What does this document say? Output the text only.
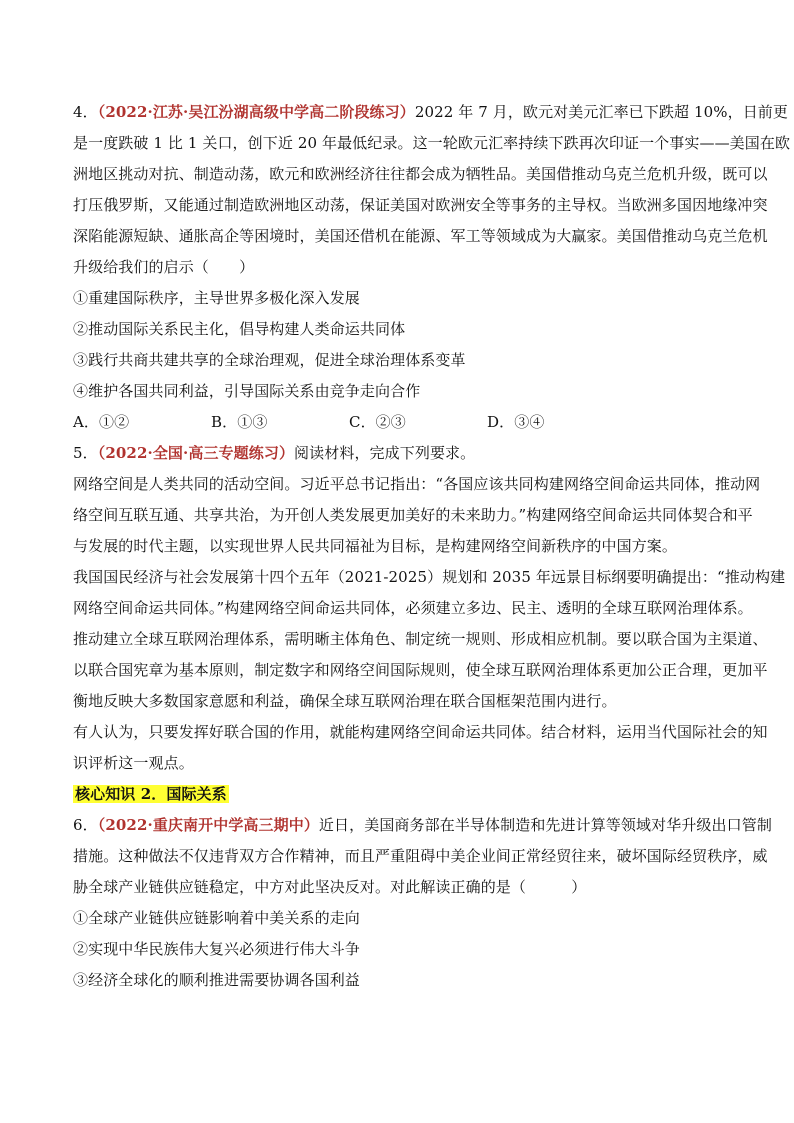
4．（2022·江苏·吴江汾湖高级中学高二阶段练习）2022 年 7 月，欧元对美元汇率已下跌超 10%，日前更
是一度跌破 1 比 1 关口，创下近 20 年最低纪录。这一轮欧元汇率持续下跌再次印证一个事实——美国在欧
洲地区挑动对抗、制造动荡，欧元和欧洲经济往往都会成为牺牲品。美国借推动乌克兰危机升级，既可以
打压俄罗斯，又能通过制造欧洲地区动荡，保证美国对欧洲安全等事务的主导权。当欧洲多国因地缘冲突
深陷能源短缺、通胀高企等困境时，美国还借机在能源、军工等领域成为大赢家。美国借推动乌克兰危机
升级给我们的启示（　　）
①重建国际秩序，主导世界多极化深入发展
②推动国际关系民主化，倡导构建人类命运共同体
③践行共商共建共享的全球治理观，促进全球治理体系变革
④维护各国共同利益，引导国际关系由竞争走向合作
A．①②	B．①③	C．②③	D．③④
5．（2022·全国·高三专题练习）阅读材料，完成下列要求。
网络空间是人类共同的活动空间。习近平总书记指出：“各国应该共同构建网络空间命运共同体，推动网
络空间互联互通、共享共治，为开创人类发展更加美好的未来助力。”构建网络空间命运共同体契合和平
与发展的时代主题，以实现世界人民共同福祉为目标，是构建网络空间新秩序的中国方案。
我国国民经济与社会发展第十四个五年（2021-2025）规划和 2035 年远景目标纲要明确提出：“推动构建
网络空间命运共同体。”构建网络空间命运共同体，必须建立多边、民主、透明的全球互联网治理体系。
推动建立全球互联网治理体系，需明晰主体角色、制定统一规则、形成相应机制。要以联合国为主渠道、
以联合国宪章为基本原则，制定数字和网络空间国际规则，使全球互联网治理体系更加公正合理，更加平
衡地反映大多数国家意愿和利益，确保全球互联网治理在联合国框架范围内进行。
有人认为，只要发挥好联合国的作用，就能构建网络空间命运共同体。结合材料，运用当代国际社会的知
识评析这一观点。
核心知识 2．国际关系
6．（2022·重庆南开中学高三期中）近日，美国商务部在半导体制造和先进计算等领域对华升级出口管制
措施。这种做法不仅违背双方合作精神，而且严重阻碍中美企业间正常经贸往来，破坏国际经贸秩序，威
胁全球产业链供应链稳定，中方对此坚决反对。对此解读正确的是（　　　）
①全球产业链供应链影响着中美关系的走向
②实现中华民族伟大复兴必须进行伟大斗争
③经济全球化的顺利推进需要协调各国利益
